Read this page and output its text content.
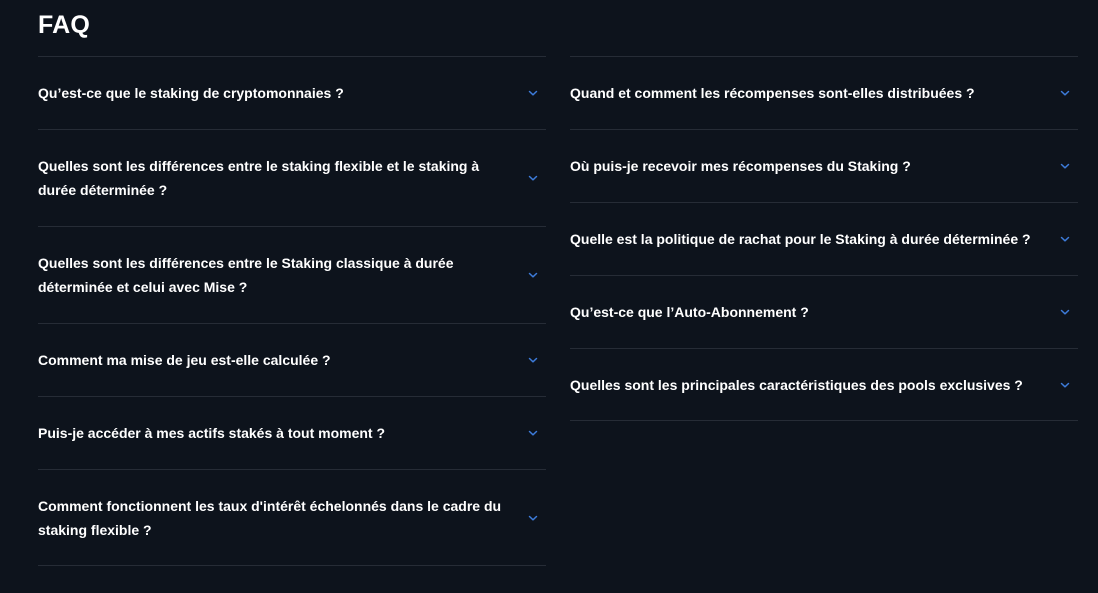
FAQ
Qu’est-ce que le staking de cryptomonnaies ?
Quelles sont les différences entre le staking flexible et le staking à durée déterminée ?
Quelles sont les différences entre le Staking classique à durée déterminée et celui avec Mise ?
Comment ma mise de jeu est-elle calculée ?
Puis-je accéder à mes actifs stakés à tout moment ?
Comment fonctionnent les taux d'intérêt échelonnés dans le cadre du staking flexible ?
Quand et comment les récompenses sont-elles distribuées ?
Où puis-je recevoir mes récompenses du Staking ?
Quelle est la politique de rachat pour le Staking à durée déterminée ?
Qu’est-ce que l’Auto-Abonnement ?
Quelles sont les principales caractéristiques des pools exclusives ?
